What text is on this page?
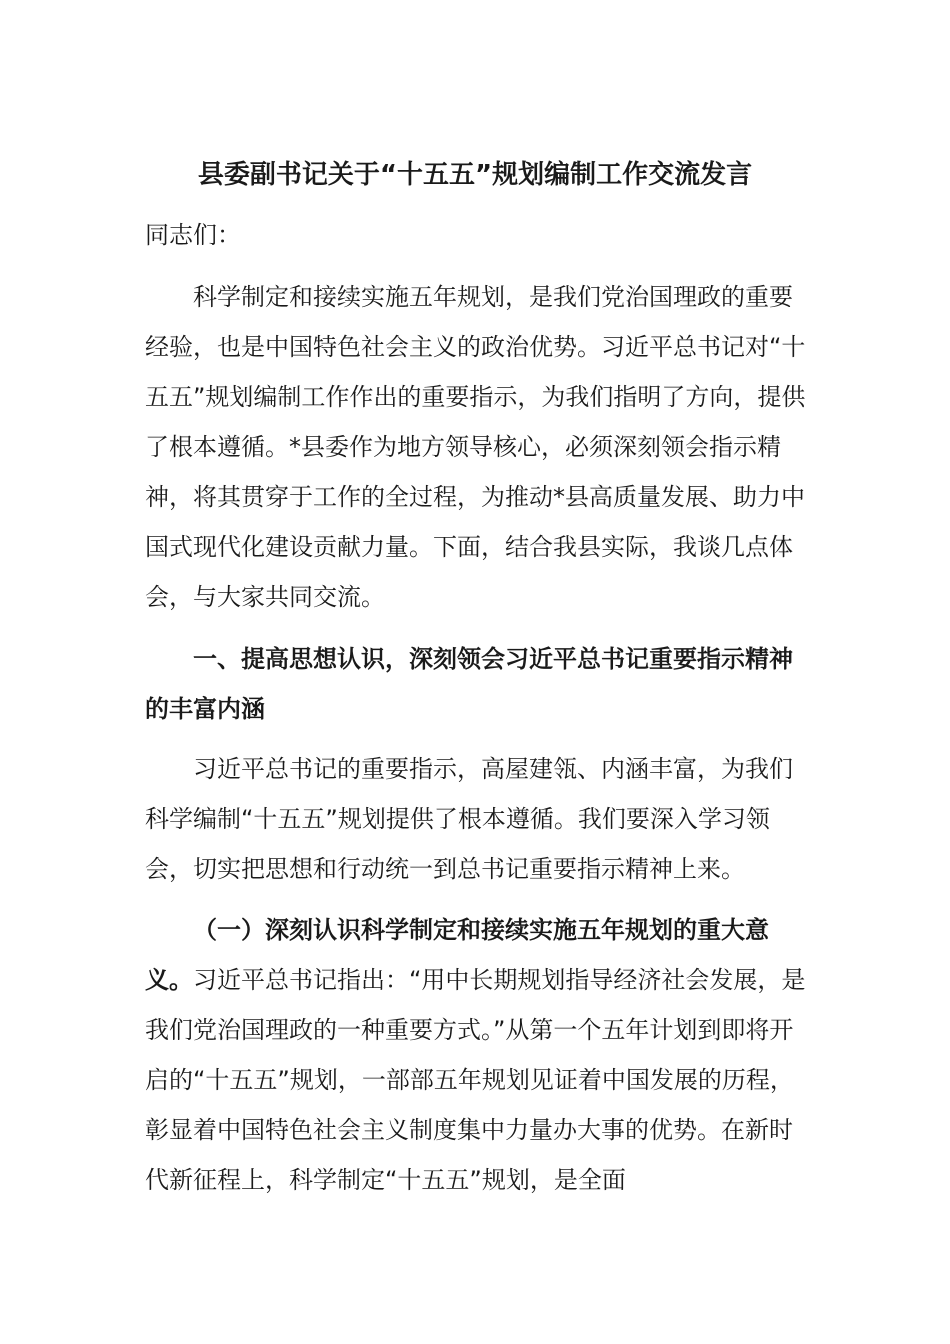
县委副书记关于“十五五”规划编制工作交流发言

同志们：

科学制定和接续实施五年规划，是我们党治国理政的重要经验，也是中国特色社会主义的政治优势。习近平总书记对“十五五”规划编制工作作出的重要指示，为我们指明了方向，提供了根本遵循。*县委作为地方领导核心，必须深刻领会指示精神，将其贯穿于工作的全过程，为推动*县高质量发展、助力中国式现代化建设贡献力量。下面，结合我县实际，我谈几点体会，与大家共同交流。

一、提高思想认识，深刻领会习近平总书记重要指示精神的丰富内涵

习近平总书记的重要指示，高屋建瓴、内涵丰富，为我们科学编制“十五五”规划提供了根本遵循。我们要深入学习领会，切实把思想和行动统一到总书记重要指示精神上来。

（一）深刻认识科学制定和接续实施五年规划的重大意义。习近平总书记指出：“用中长期规划指导经济社会发展，是我们党治国理政的一种重要方式。”从第一个五年计划到即将开启的“十五五”规划，一部部五年规划见证着中国发展的历程，彰显着中国特色社会主义制度集中力量办大事的优势。在新时代新征程上，科学制定“十五五”规划，是全面
